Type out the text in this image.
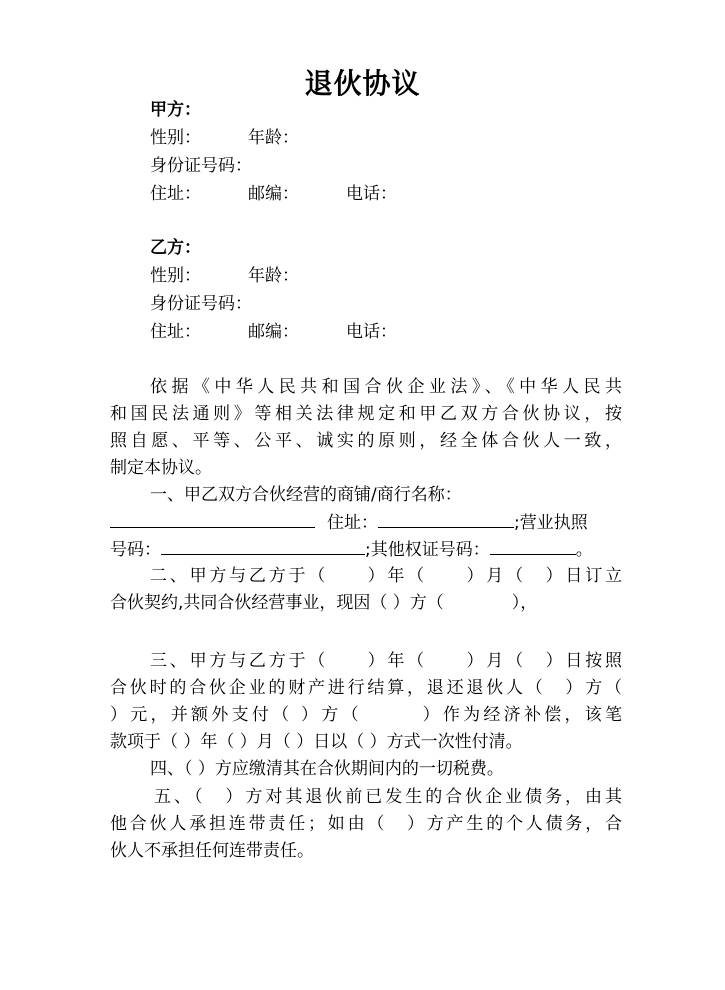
退伙协议
甲方：
性别：	年龄：
身份证号码：
住址：	邮编：	电话：
乙方：
性别：	年龄：
身份证号码：
住址：	邮编：	电话：
依据《中华人民共和国合伙企业法》、《中华人民共
和国民法通则》等相关法律规定和甲乙双方合伙协议，按
照自愿、平等、公平、诚实的原则，经全体合伙人一致，
制定本协议。
一、甲乙双方合伙经营的商铺/商行名称：
住址：	;营业执照
号码：	;其他权证号码：	。
二、甲方与乙方于（　　）年（　　）月（　）日订立
合伙契约,共同合伙经营事业，现因（ ）方（　　　　），
三、甲方与乙方于（　　）年（　　）月（　）日按照
合伙时的合伙企业的财产进行结算，退还退伙人（　）方（
）元，并额外支付（ ）方（　　　）作为经济补偿，该笔
款项于（ ）年（ ）月（ ）日以（ ）方式一次性付清。
四、（ ）方应缴清其在合伙期间内的一切税费。
五、（　）方对其退伙前已发生的合伙企业债务，由其
他合伙人承担连带责任；如由（　）方产生的个人债务，合
伙人不承担任何连带责任。
